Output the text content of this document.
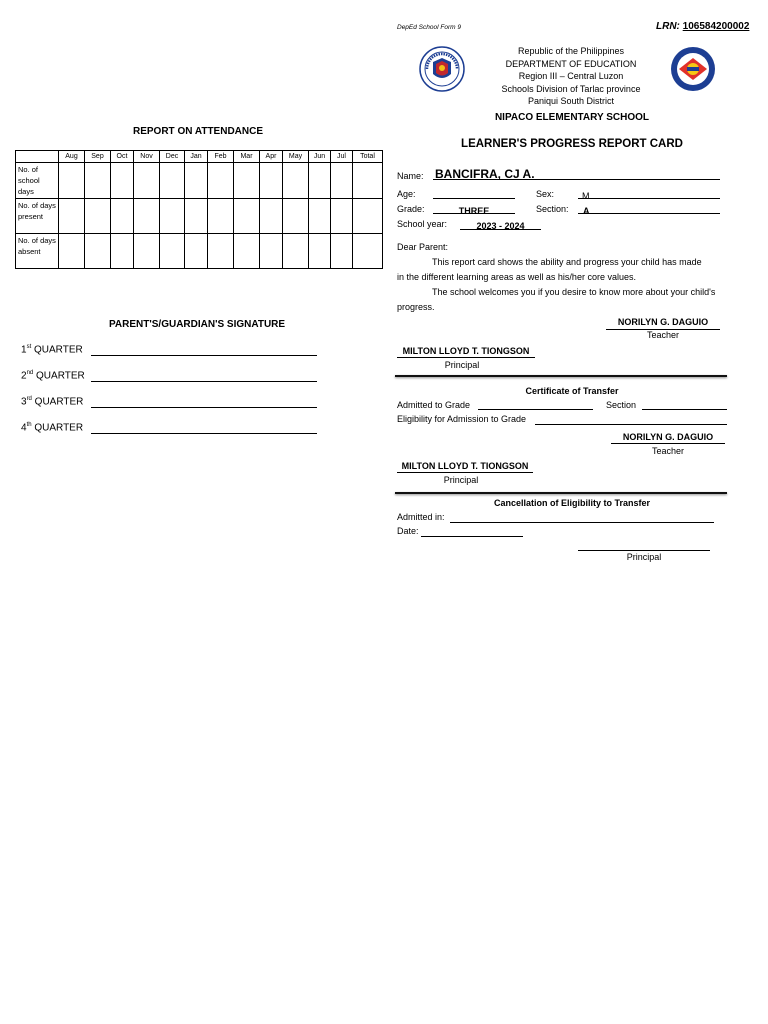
REPORT ON ATTENDANCE
	Aug	Sep	Oct	Nov	Dec	Jan	Feb	Mar	Apr	May	Jun	Jul	Total
No. of school days													
No. of days present													
No. of days absent													
PARENT'S/GUARDIAN'S SIGNATURE
1st QUARTER
2nd QUARTER
3rd QUARTER
4th QUARTER
DepEd School Form 9	LRN: 106584200002
Republic of the Philippines
DEPARTMENT OF EDUCATION
Region III – Central Luzon
Schools Division of Tarlac province
Paniqui South District
NIPACO ELEMENTARY SCHOOL
LEARNER'S PROGRESS REPORT CARD
Name: BANCIFRA, CJ A.
Age:	Sex:	M
Grade:	THREE	Section:	A
School year:	2023 - 2024
Dear Parent:
This report card shows the ability and progress your child has made
in the different learning areas as well as his/her core values.
The school welcomes you if you desire to know more about your child's
progress.
NORILYN G. DAGUIO
Teacher
MILTON LLOYD T. TIONGSON
Principal
Certificate of Transfer
Admitted to Grade	Section
Eligibility for Admission to Grade
NORILYN G. DAGUIO
Teacher
MILTON LLOYD T. TIONGSON
Principal
Cancellation of Eligibility to Transfer
Admitted in:
Date:
Principal
